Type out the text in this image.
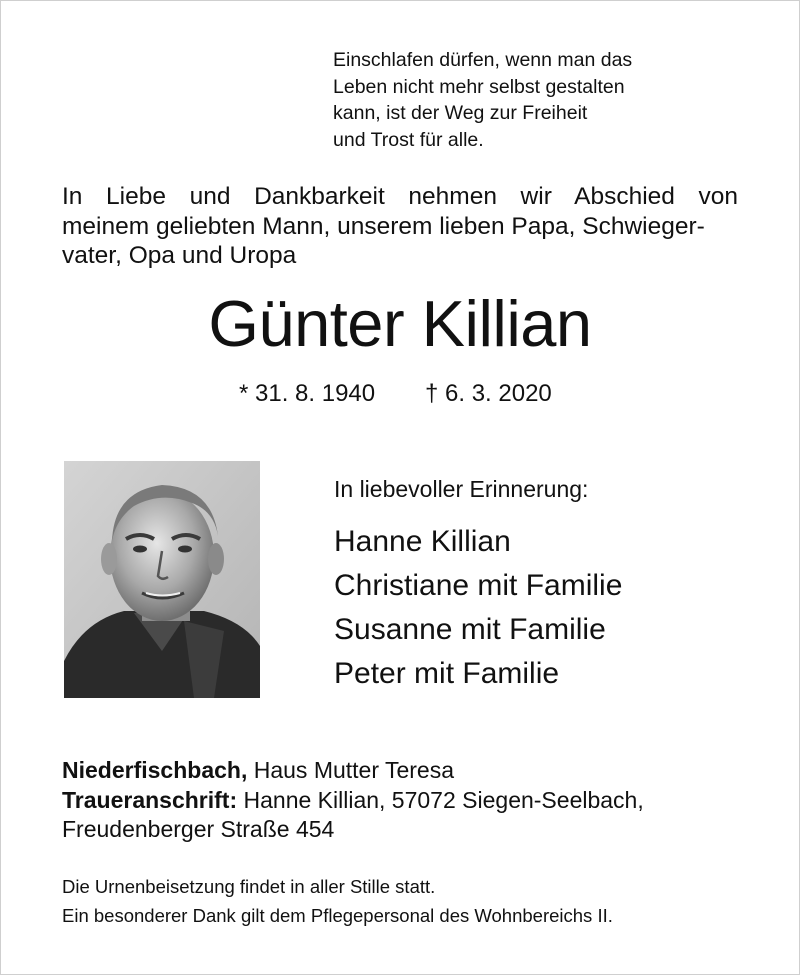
Einschlafen dürfen, wenn man das
Leben nicht mehr selbst gestalten
kann, ist der Weg zur Freiheit
und Trost für alle.
In Liebe und Dankbarkeit nehmen wir Abschied von
meinem geliebten Mann, unserem lieben Papa, Schwieger-
vater, Opa und Uropa
Günter Killian
* 31. 8. 1940 † 6. 3. 2020
In liebevoller Erinnerung:
Hanne Killian
Christiane mit Familie
Susanne mit Familie
Peter mit Familie
Niederfischbach, Haus Mutter Teresa
Traueranschrift: Hanne Killian, 57072 Siegen-Seelbach,
Freudenberger Straße 454
Die Urnenbeisetzung findet in aller Stille statt.
Ein besonderer Dank gilt dem Pflegepersonal des Wohnbereichs II.
